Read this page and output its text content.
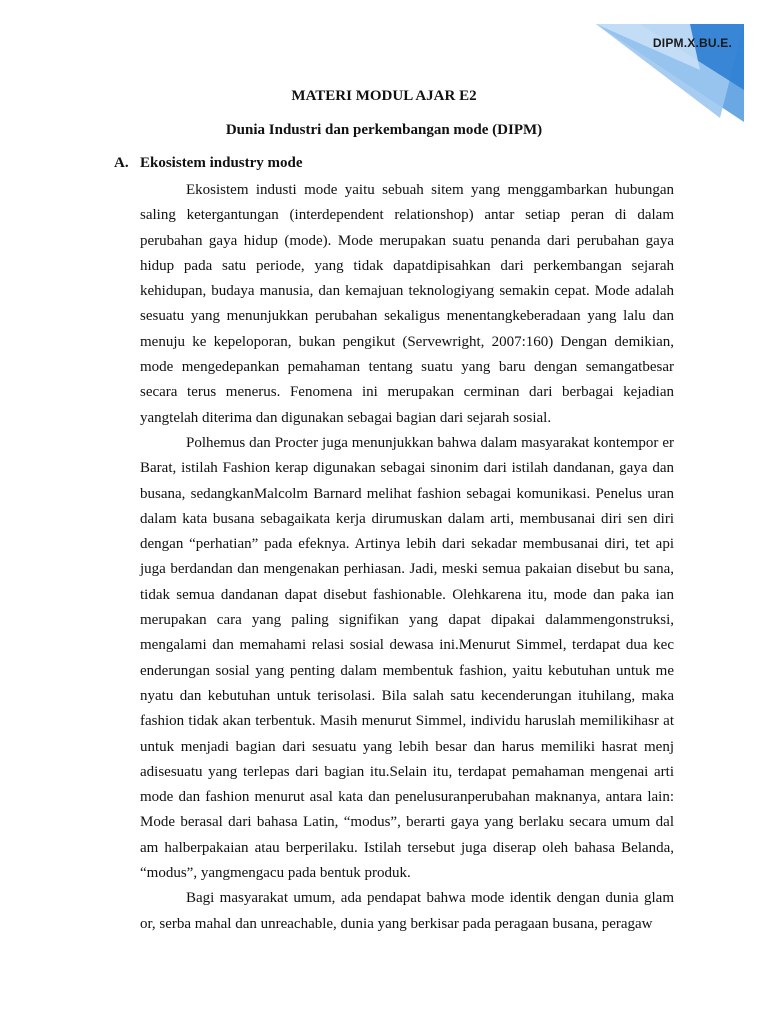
DIPM.X.BU.E.
MATERI MODUL AJAR E2
Dunia Industri dan perkembangan mode (DIPM)
A. Ekosistem industry mode

Ekosistem industi mode yaitu sebuah sitem yang menggambarkan hubungan saling ketergantungan (interdependent relationshop) antar setiap peran di dalam perubahan gaya hidup (mode). Mode merupakan suatu penanda dari perubahan gaya hidup pada satu periode, yang tidak dapatdipisahkan dari perkembangan sejarah kehidupan, budaya manusia, dan kemajuan teknologiyang semakin cepat. Mode adalah sesuatu yang menunjukkan perubahan sekaligus menentangkeberadaan yang lalu dan menuju ke kepeloporan, bukan pengikut (Servewright, 2007:160) Dengan demikian, mode mengedepankan pemahaman tentang suatu yang baru dengan semangatbesar secara terus menerus. Fenomena ini merupakan cerminan dari berbagai kejadian yangtelah diterima dan digunakan sebagai bagian dari sejarah sosial.

Polhemus dan Procter juga menunjukkan bahwa dalam masyarakat kontempor er Barat, istilah Fashion kerap digunakan sebagai sinonim dari istilah dandanan, gaya dan busana, sedangkanMalcolm Barnard melihat fashion sebagai komunikasi. Penelus uran dalam kata busana sebagaikata kerja dirumuskan dalam arti, membusanai diri sen diri dengan “perhatian” pada efeknya. Artinya lebih dari sekadar membusanai diri, tet api juga berdandan dan mengenakan perhiasan. Jadi, meski semua pakaian disebut bu sana, tidak semua dandanan dapat disebut fashionable. Olehkarena itu, mode dan paka ian merupakan cara yang paling signifikan yang dapat dipakai dalammengonstruksi, mengalami dan memahami relasi sosial dewasa ini.Menurut Simmel, terdapat dua kec enderungan sosial yang penting dalam membentuk fashion, yaitu kebutuhan untuk me nyatu dan kebutuhan untuk terisolasi. Bila salah satu kecenderungan ituhilang, maka fashion tidak akan terbentuk. Masih menurut Simmel, individu haruslah memilikihasr at untuk menjadi bagian dari sesuatu yang lebih besar dan harus memiliki hasrat menj adisesuatu yang terlepas dari bagian itu.Selain itu, terdapat pemahaman mengenai arti mode dan fashion menurut asal kata dan penelusuranperubahan maknanya, antara lain: Mode berasal dari bahasa Latin, “modus”, berarti gaya yang berlaku secara umum dal am halberpakaian atau berperilaku. Istilah tersebut juga diserap oleh bahasa Belanda, “modus”, yangmengacu pada bentuk produk.

Bagi masyarakat umum, ada pendapat bahwa mode identik dengan dunia glam or, serba mahal dan unreachable, dunia yang berkisar pada peragaan busana, peragaw
